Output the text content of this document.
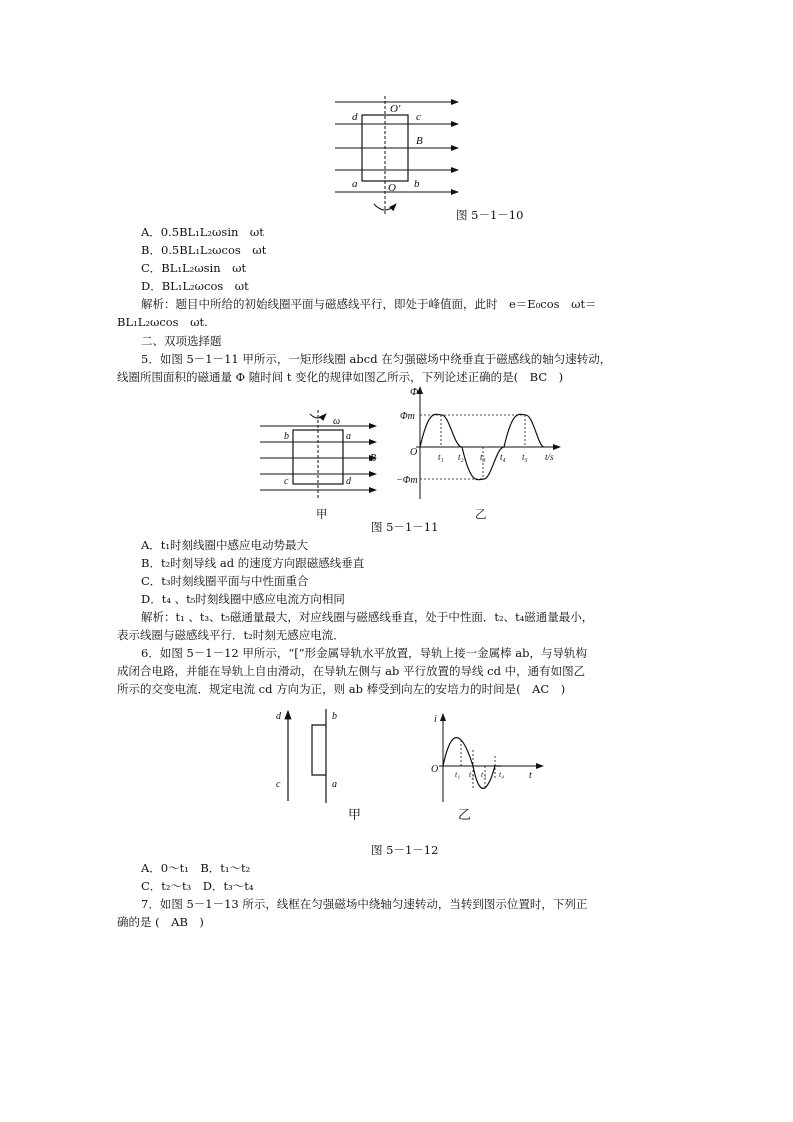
O′
O
d	c
B
a	b
图 5－1－10
A．0.5BL₁L₂ωsin　ωt
B．0.5BL₁L₂ωcos　ωt
C．BL₁L₂ωsin　ωt
D．BL₁L₂ωcos　ωt
解析：题目中所给的初始线圈平面与磁感线平行，即处于峰值面，此时　e＝E₀cos　ωt＝
BL₁L₂ωcos　ωt.
二、双项选择题
5．如图 5－1－11 甲所示，一矩形线圈 abcd 在匀强磁场中绕垂直于磁感线的轴匀速转动，
线圈所围面积的磁通量 Φ 随时间 t 变化的规律如图乙所示，下列论述正确的是(　BC　)
ω
b	a
c	d
B
甲
Φ
Φm
−Φm
O t₁ t₂ t₃ t₄ t₅ t/s
乙
图 5－1－11
A．t₁时刻线圈中感应电动势最大
B．t₂时刻导线 ad 的速度方向跟磁感线垂直
C．t₃时刻线圈平面与中性面重合
D．t₄ 、t₅时刻线圈中感应电流方向相同
解析：t₁ 、t₃、t₅磁通量最大，对应线圈与磁感线垂直，处于中性面．t₂、t₄磁通量最小，
表示线圈与磁感线平行．t₂时刻无感应电流．
6．如图 5－1－12 甲所示，“[”形金属导轨水平放置，导轨上接一金属棒 ab，与导轨构
成闭合电路，并能在导轨上自由滑动，在导轨左侧与 ab 平行放置的导线 cd 中，通有如图乙
所示的交变电流．规定电流 cd 方向为正，则 ab 棒受到向左的安培力的时间是(　AC　)
d
c
b
a
甲
i
O
t
t₁ t₂ t₃ t₄
乙
图 5－1－12
A．0～t₁　B．t₁～t₂
C．t₂～t₃　D．t₃～t₄
7．如图 5－1－13 所示，线框在匀强磁场中绕轴匀速转动，当转到图示位置时，下列正
确的是 (　AB　)
